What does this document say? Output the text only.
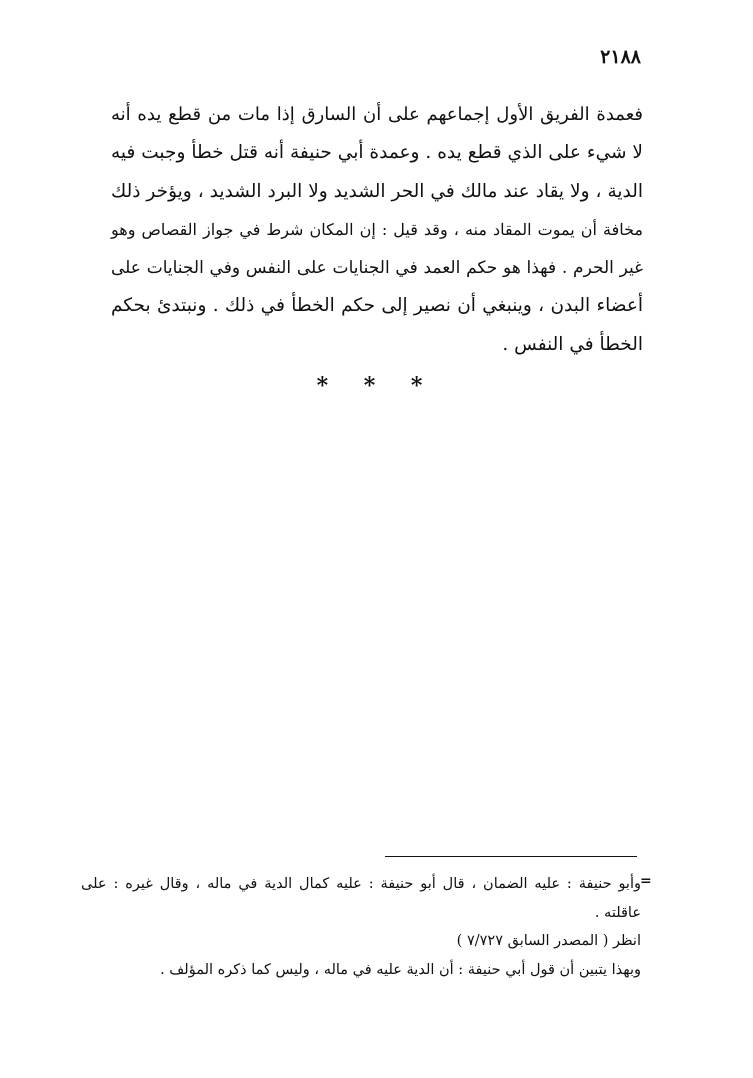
٢١٨٨
فعمدة الفريق الأول إجماعهم على أن السارق إذا مات من قطع يده أنه
لا شيء على الذي قطع يده . وعمدة أبي حنيفة أنه قتل خطأ وجبت فيه
الدية ، ولا يقاد عند مالك في الحر الشديد ولا البرد الشديد ، ويؤخر ذلك
مخافة أن يموت المقاد منه ، وقد قيل : إن المكان شرط في جواز القصاص وهو
غير الحرم . فهذا هو حكم العمد في الجنايات على النفس وفي الجنايات على
أعضاء البدن ، وينبغي أن نصير إلى حكم الخطأ في ذلك . ونبتدئ بحكم
الخطأ في النفس .
* * *
=
وأبو حنيفة : عليه الضمان ، قال أبو حنيفة : عليه كمال الدية في ماله ، وقال غيره : على
عاقلته .
انظر ( المصدر السابق ٧/٧٢٧ )
وبهذا يتبين أن قول أبي حنيفة : أن الدية عليه في ماله ، وليس كما ذكره المؤلف .
